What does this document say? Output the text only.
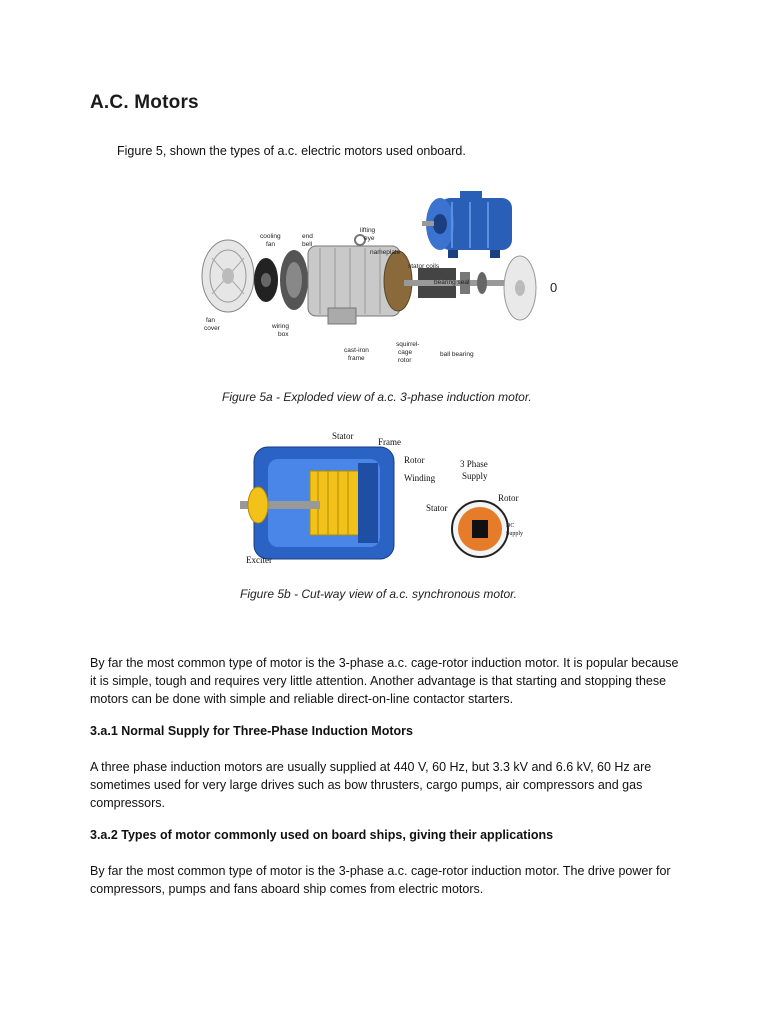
A.C. Motors

Figure 5, shown the types of a.c. electric motors used onboard.

0
cooling
fan
end
bell
lifting
eye
nameplate
stator coils
bearing seal
fan
cover	wiring
box
cast-iron
frame
squirrel-
cage
rotor
ball bearing

Figure 5a - Exploded view of a.c. 3-phase induction motor.

Stator
Frame
Rotor
Winding
Stator
Exciter
3 Phase
Supply
Rotor
DC
Supply

Figure 5b - Cut-way view of a.c. synchronous motor.

By far the most common type of motor is the 3-phase a.c. cage-rotor induction motor. It is popular because it is simple, tough and requires very little attention. Another advantage is that starting and stopping these motors can be done with simple and reliable direct-on-line contactor starters.

3.a.1 Normal Supply for Three-Phase Induction Motors

A three phase induction motors are usually supplied at 440 V, 60 Hz, but 3.3 kV and 6.6 kV, 60 Hz are sometimes used for very large drives such as bow thrusters, cargo pumps, air compressors and gas compressors.

3.a.2 Types of motor commonly used on board ships, giving their applications

By far the most common type of motor is the 3-phase a.c. cage-rotor induction motor. The drive power for compressors, pumps and fans aboard ship comes from electric motors.
